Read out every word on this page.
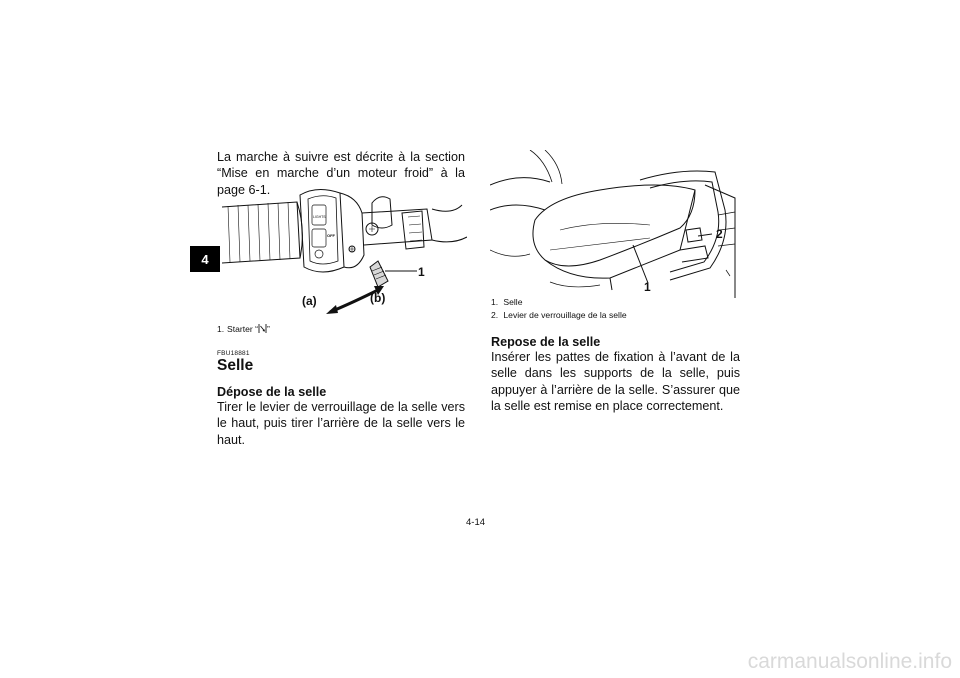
4
La marche à suivre est décrite à la section “Mise en marche d’un moteur froid” à la page 6-1.
LIGHTS
OFF
1
(a)	(b)
1. Starter “ ”
FBU18881
Selle
Dépose de la selle
Tirer le levier de verrouillage de la selle vers le haut, puis tirer l’arrière de la selle vers le haut.
2
1
1. Selle
2. Levier de verrouillage de la selle
Repose de la selle
Insérer les pattes de fixation à l’avant de la selle dans les supports de la selle, puis appuyer à l’arrière de la selle. S’assurer que la selle est remise en place correctement.
4-14
carmanualsonline.info
